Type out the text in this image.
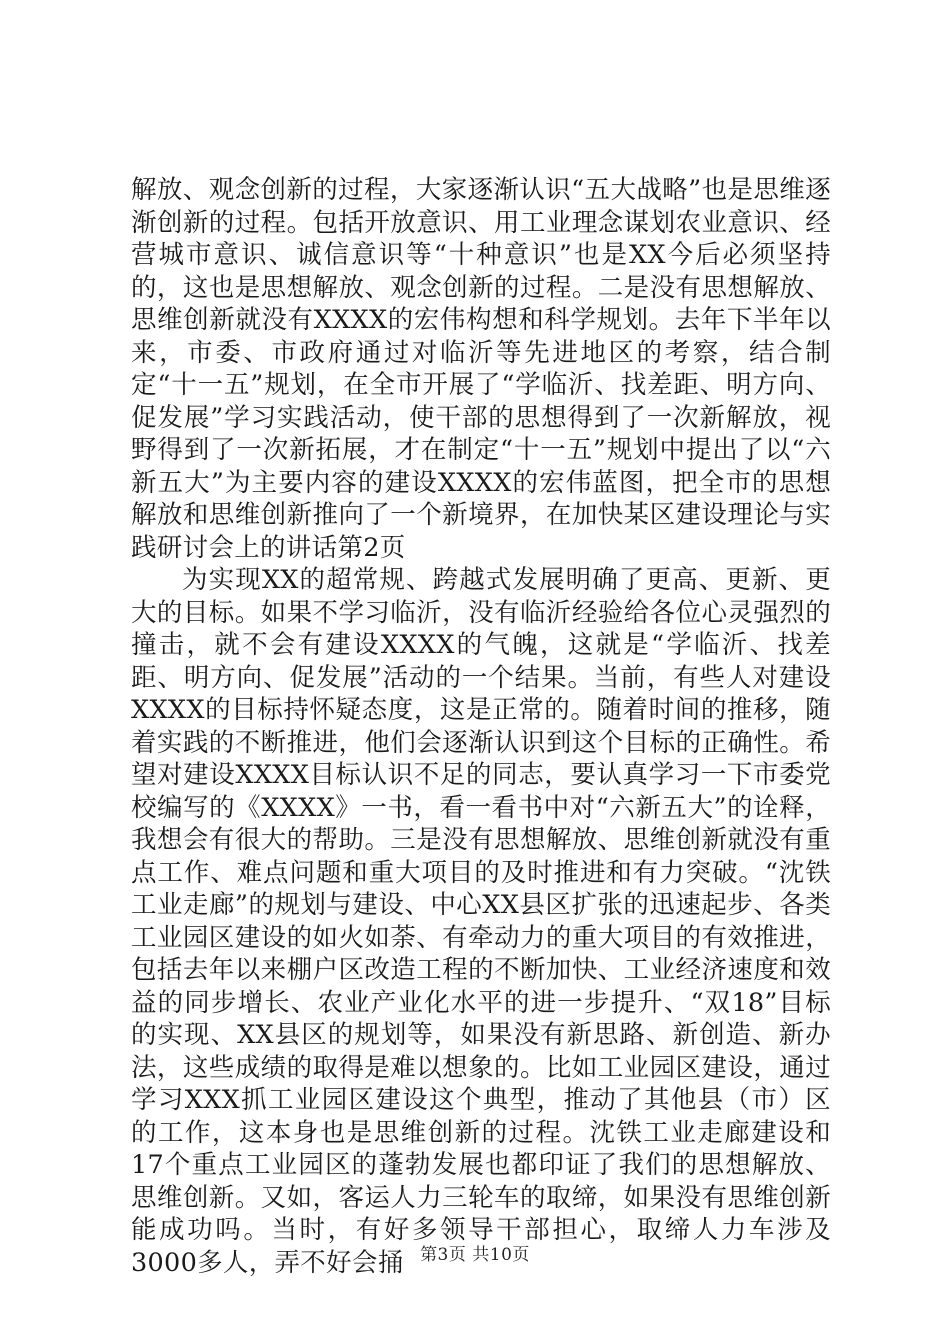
解放、观念创新的过程，大家逐渐认识“五大战略”也是思维逐渐创新的过程。包括开放意识、用工业理念谋划农业意识、经营城市意识、诚信意识等“十种意识”也是XX今后必须坚持的，这也是思想解放、观念创新的过程。二是没有思想解放、思维创新就没有XXXX的宏伟构想和科学规划。去年下半年以来，市委、市政府通过对临沂等先进地区的考察，结合制定“十一五”规划，在全市开展了“学临沂、找差距、明方向、促发展”学习实践活动，使干部的思想得到了一次新解放，视野得到了一次新拓展，才在制定“十一五”规划中提出了以“六新五大”为主要内容的建设XXXX的宏伟蓝图，把全市的思想解放和思维创新推向了一个新境界，在加快某区建设理论与实践研讨会上的讲话第2页

为实现XX的超常规、跨越式发展明确了更高、更新、更大的目标。如果不学习临沂，没有临沂经验给各位心灵强烈的撞击，就不会有建设XXXX的气魄，这就是“学临沂、找差距、明方向、促发展”活动的一个结果。当前，有些人对建设XXXX的目标持怀疑态度，这是正常的。随着时间的推移，随着实践的不断推进，他们会逐渐认识到这个目标的正确性。希望对建设XXXX目标认识不足的同志，要认真学习一下市委党校编写的《XXXX》一书，看一看书中对“六新五大”的诠释，我想会有很大的帮助。三是没有思想解放、思维创新就没有重点工作、难点问题和重大项目的及时推进和有力突破。“沈铁工业走廊”的规划与建设、中心XX县区扩张的迅速起步、各类工业园区建设的如火如荼、有牵动力的重大项目的有效推进，包括去年以来棚户区改造工程的不断加快、工业经济速度和效益的同步增长、农业产业化水平的进一步提升、“双18”目标的实现、XX县区的规划等，如果没有新思路、新创造、新办法，这些成绩的取得是难以想象的。比如工业园区建设，通过学习XXX抓工业园区建设这个典型，推动了其他县（市）区的工作，这本身也是思维创新的过程。沈铁工业走廊建设和17个重点工业园区的蓬勃发展也都印证了我们的思想解放、思维创新。又如，客运人力三轮车的取缔，如果没有思维创新能成功吗。当时，有好多领导干部担心，取缔人力车涉及3000多人，弄不好会捅 第3页 共10页
